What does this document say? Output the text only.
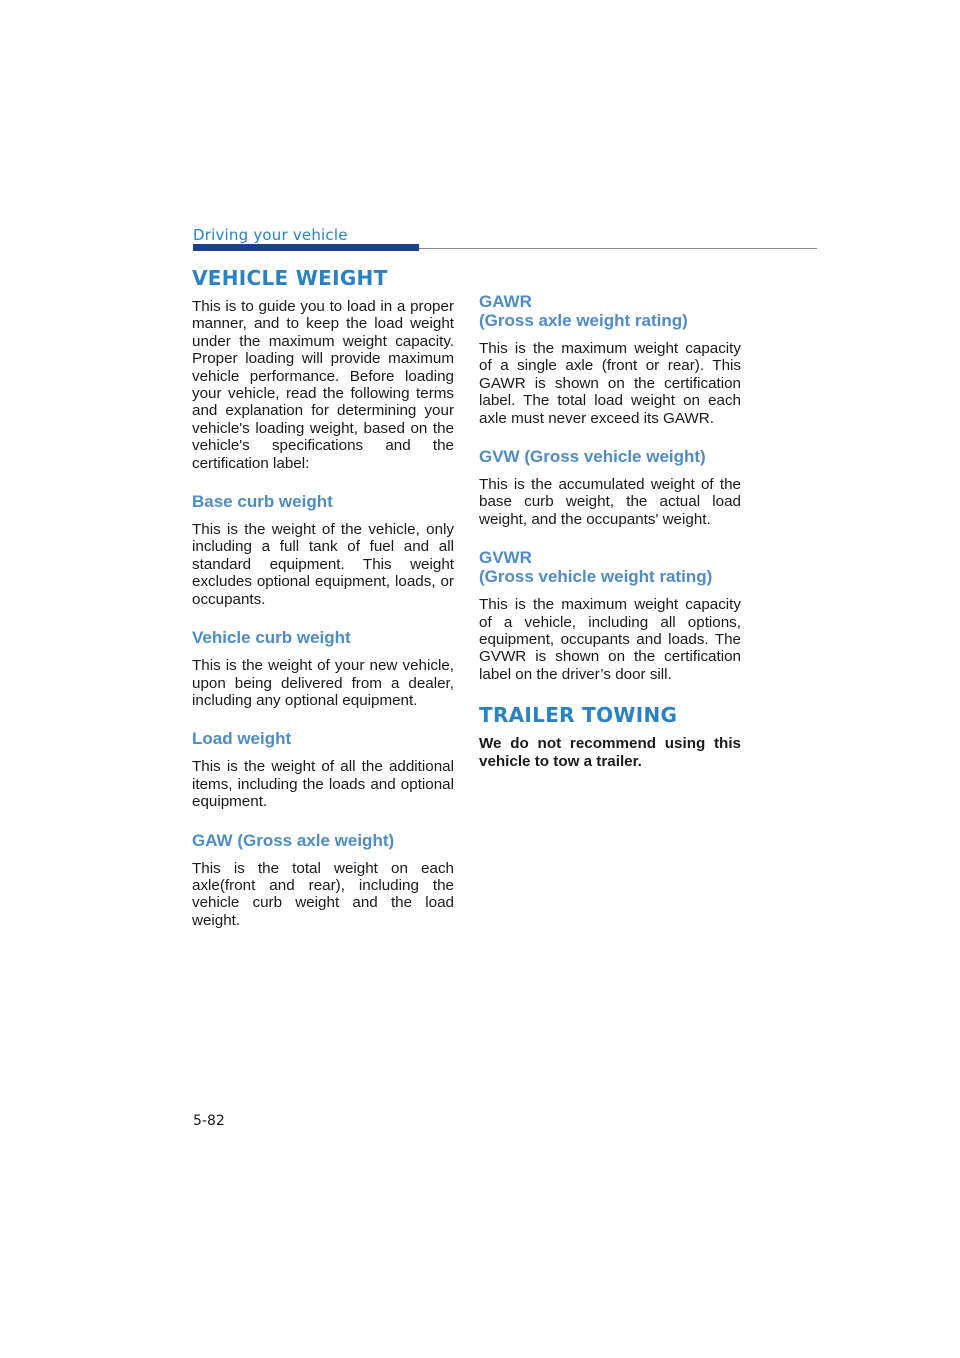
Driving your vehicle
VEHICLE WEIGHT

This is to guide you to load in a proper manner, and to keep the load weight under the maximum weight capacity. Proper loading will provide maximum vehicle performance. Before loading your vehicle, read the following terms and explanation for determining your vehicle's loading weight, based on the vehicle's specifications and the certification label:

Base curb weight

This is the weight of the vehicle, only including a full tank of fuel and all standard equipment. This weight excludes optional equipment, loads, or occupants.

Vehicle curb weight

This is the weight of your new vehicle, upon being delivered from a dealer, including any optional equipment.

Load weight

This is the weight of all the additional items, including the loads and optional equipment.

GAW (Gross axle weight)

This is the total weight on each axle(front and rear), including the vehicle curb weight and the load weight.

GAWR
(Gross axle weight rating)

This is the maximum weight capacity of a single axle (front or rear). This GAWR is shown on the certification label. The total load weight on each axle must never exceed its GAWR.

GVW (Gross vehicle weight)

This is the accumulated weight of the base curb weight, the actual load weight, and the occupants' weight.

GVWR
(Gross vehicle weight rating)

This is the maximum weight capacity of a vehicle, including all options, equipment, occupants and loads. The GVWR is shown on the certification label on the driver’s door sill.

TRAILER TOWING

We do not recommend using this vehicle to tow a trailer.

5-82
